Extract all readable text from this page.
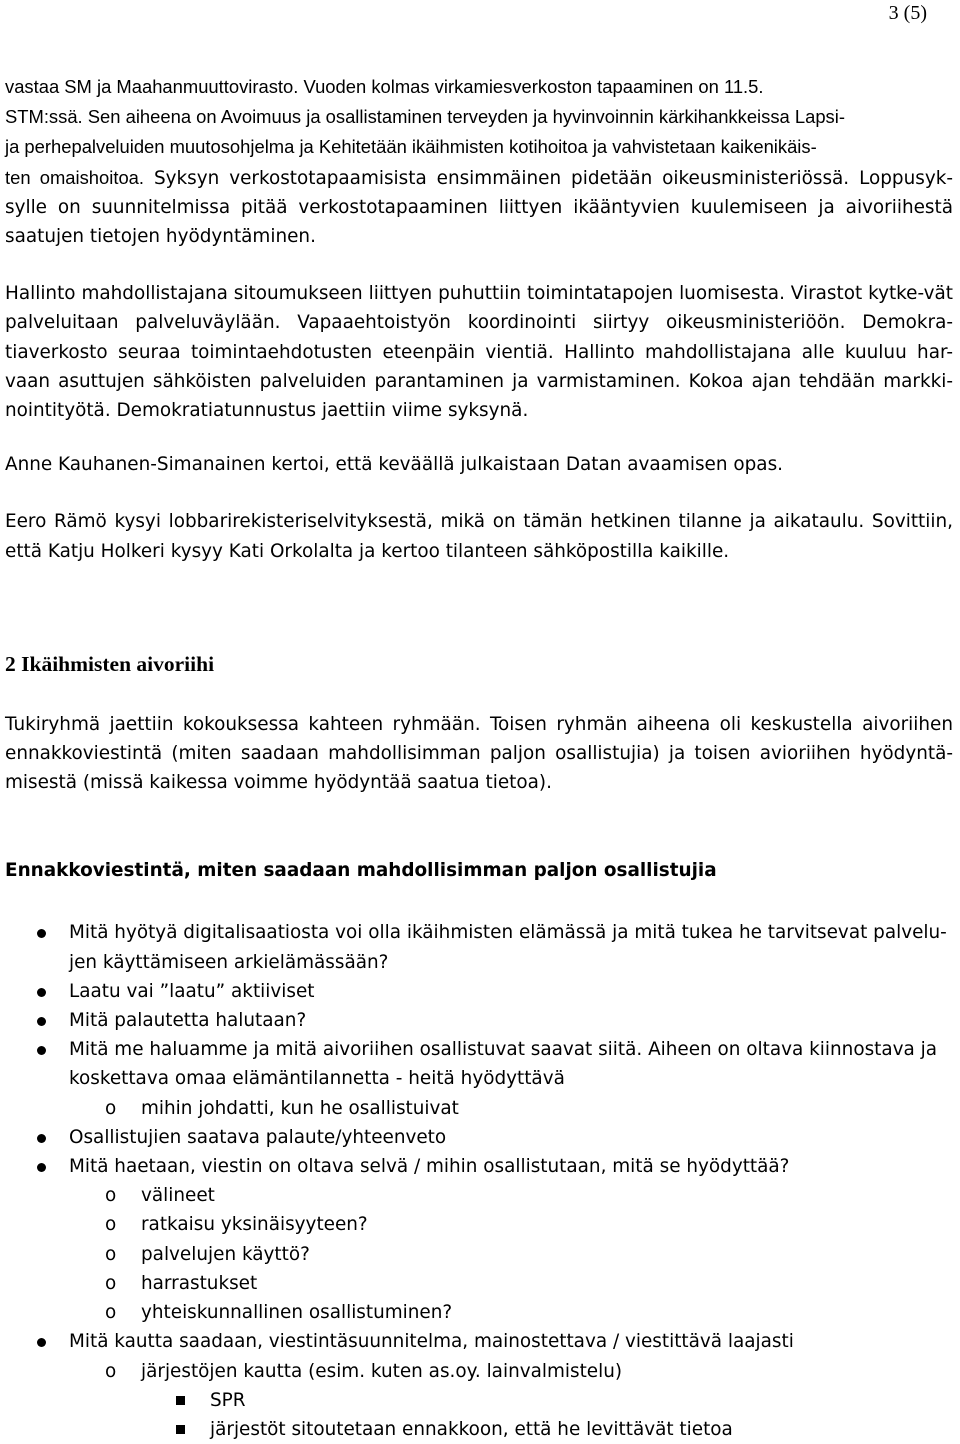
3 (5)

vastaa SM ja Maahanmuuttovirasto. Vuoden kolmas virkamiesverkoston tapaaminen on 11.5.
STM:ssä. Sen aiheena on Avoimuus ja osallistaminen terveyden ja hyvinvoinnin kärkihankkeissa Lapsi-
ja perhepalveluiden muutosohjelma ja Kehitetään ikäihmisten kotihoitoa ja vahvistetaan kaikenikäis-
ten omaishoitoa. Syksyn verkostotapaamisista ensimmäinen pidetään oikeusministeriössä. Loppusyk-sylle on suunnitelmissa pitää verkostotapaaminen liittyen ikääntyvien kuulemiseen ja aivoriihestä saatujen tietojen hyödyntäminen.

Hallinto mahdollistajana sitoumukseen liittyen puhuttiin toimintatapojen luomisesta. Virastot kytke-vät palveluitaan palveluväylään. Vapaaehtoistyön koordinointi siirtyy oikeusministeriöön. Demokra-tiaverkosto seuraa toimintaehdotusten eteenpäin vientiä. Hallinto mahdollistajana alle kuuluu har-vaan asuttujen sähköisten palveluiden parantaminen ja varmistaminen. Kokoa ajan tehdään markki-nointityötä. Demokratiatunnustus jaettiin viime syksynä.

Anne Kauhanen-Simanainen kertoi, että keväällä julkaistaan Datan avaamisen opas.

Eero Rämö kysyi lobbarirekisteriselvityksestä, mikä on tämän hetkinen tilanne ja aikataulu. Sovittiin, että Katju Holkeri kysyy Kati Orkolalta ja kertoo tilanteen sähköpostilla kaikille.

2 Ikäihmisten aivoriihi

Tukiryhmä jaettiin kokouksessa kahteen ryhmään. Toisen ryhmän aiheena oli keskustella aivoriihen ennakkoviestintä (miten saadaan mahdollisimman paljon osallistujia) ja toisen avioriihen hyödyntä-misestä (missä kaikessa voimme hyödyntää saatua tietoa).

Ennakkoviestintä, miten saadaan mahdollisimman paljon osallistujia
Mitä hyötyä digitalisaatiosta voi olla ikäihmisten elämässä ja mitä tukea he tarvitsevat palvelu-jen käyttämiseen arkielämässään?
Laatu vai ”laatu” aktiiviset
Mitä palautetta halutaan?
Mitä me haluamme ja mitä aivoriihen osallistuvat saavat siitä. Aiheen on oltava kiinnostava ja koskettava omaa elämäntilannetta - heitä hyödyttävä
o mihin johdatti, kun he osallistuivat
Osallistujien saatava palaute/yhteenveto
Mitä haetaan, viestin on oltava selvä / mihin osallistutaan, mitä se hyödyttää?
o välineet
o ratkaisu yksinäisyyteen?
o palvelujen käyttö?
o harrastukset
o yhteiskunnallinen osallistuminen?
Mitä kautta saadaan, viestintäsuunnitelma, mainostettava / viestittävä laajasti
o järjestöjen kautta (esim. kuten as.oy. lainvalmistelu)
SPR
järjestöt sitoutetaan ennakkoon, että he levittävät tietoa
